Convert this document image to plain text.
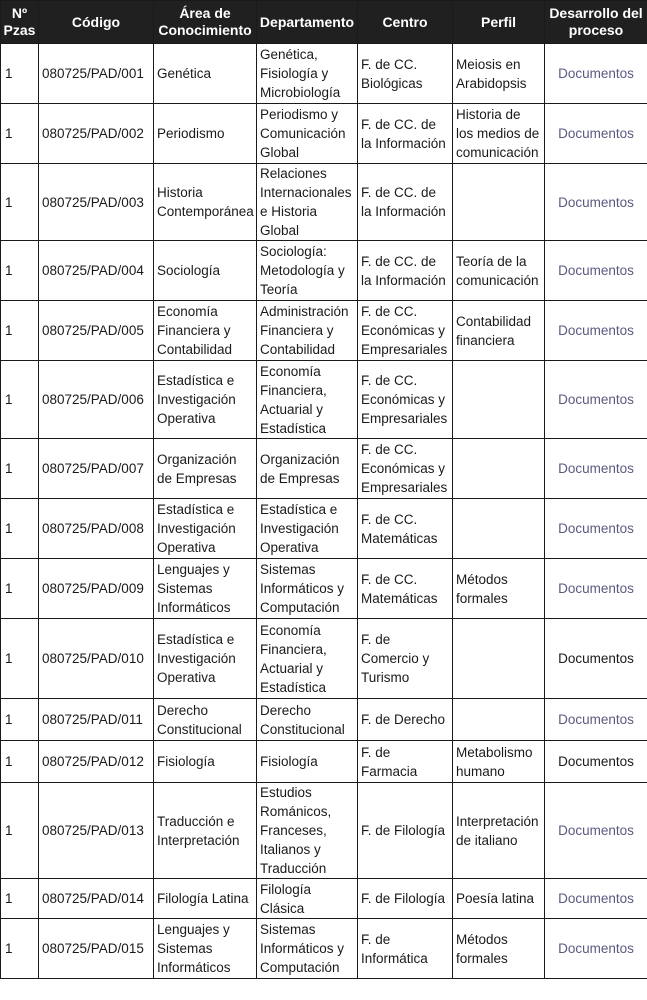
Nº Pzas	Código	Área de Conocimiento	Departamento	Centro	Perfil	Desarrollo del proceso
1	080725/PAD/001	Genética	Genética, Fisiología y Microbiología	F. de CC. Biológicas	Meiosis en Arabidopsis	Documentos
1	080725/PAD/002	Periodismo	Periodismo y Comunicación Global	F. de CC. de la Información	Historia de los medios de comunicación	Documentos
1	080725/PAD/003	Historia Contemporánea	Relaciones Internacionales e Historia Global	F. de CC. de la Información		Documentos
1	080725/PAD/004	Sociología	Sociología: Metodología y Teoría	F. de CC. de la Información	Teoría de la comunicación	Documentos
1	080725/PAD/005	Economía Financiera y Contabilidad	Administración Financiera y Contabilidad	F. de CC. Económicas y Empresariales	Contabilidad financiera	Documentos
1	080725/PAD/006	Estadística e Investigación Operativa	Economía Financiera, Actuarial y Estadística	F. de CC. Económicas y Empresariales		Documentos
1	080725/PAD/007	Organización de Empresas	Organización de Empresas	F. de CC. Económicas y Empresariales		Documentos
1	080725/PAD/008	Estadística e Investigación Operativa	Estadística e Investigación Operativa	F. de CC. Matemáticas		Documentos
1	080725/PAD/009	Lenguajes y Sistemas Informáticos	Sistemas Informáticos y Computación	F. de CC. Matemáticas	Métodos formales	Documentos
1	080725/PAD/010	Estadística e Investigación Operativa	Economía Financiera, Actuarial y Estadística	F. de Comercio y Turismo		Documentos
1	080725/PAD/011	Derecho Constitucional	Derecho Constitucional	F. de Derecho		Documentos
1	080725/PAD/012	Fisiología	Fisiología	F. de Farmacia	Metabolismo humano	Documentos
1	080725/PAD/013	Traducción e Interpretación	Estudios Románicos, Franceses, Italianos y Traducción	F. de Filología	Interpretación de italiano	Documentos
1	080725/PAD/014	Filología Latina	Filología Clásica	F. de Filología	Poesía latina	Documentos
1	080725/PAD/015	Lenguajes y Sistemas Informáticos	Sistemas Informáticos y Computación	F. de Informática	Métodos formales	Documentos
